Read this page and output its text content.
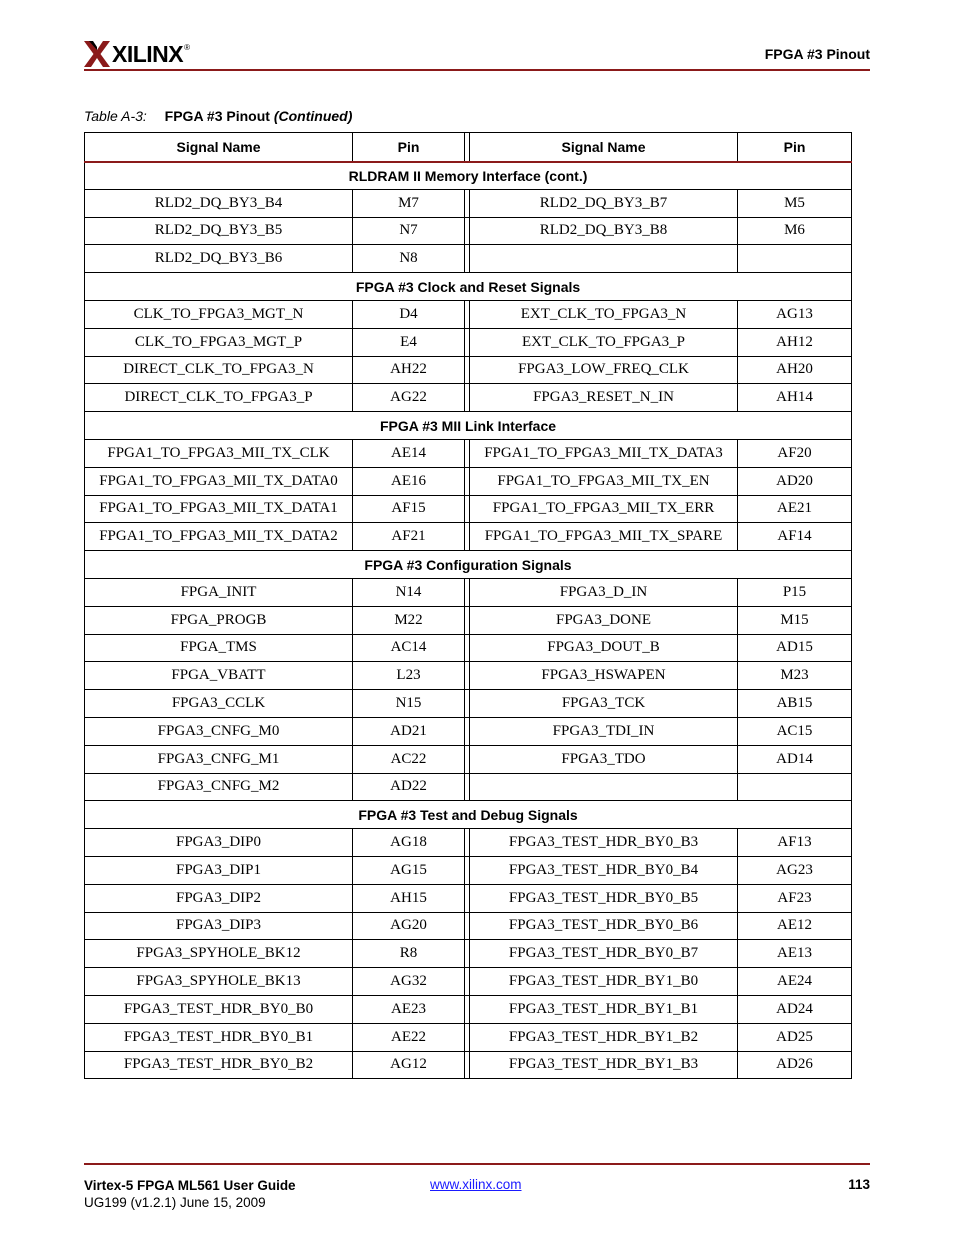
XILINX ®	FPGA #3 Pinout
Table A-3: FPGA #3 Pinout (Continued)
Signal Name	Pin		Signal Name	Pin
RLDRAM II Memory Interface (cont.)				
RLD2_DQ_BY3_B4	M7		RLD2_DQ_BY3_B7	M5
RLD2_DQ_BY3_B5	N7		RLD2_DQ_BY3_B8	M6
RLD2_DQ_BY3_B6	N8			
FPGA #3 Clock and Reset Signals				
CLK_TO_FPGA3_MGT_N	D4		EXT_CLK_TO_FPGA3_N	AG13
CLK_TO_FPGA3_MGT_P	E4		EXT_CLK_TO_FPGA3_P	AH12
DIRECT_CLK_TO_FPGA3_N	AH22		FPGA3_LOW_FREQ_CLK	AH20
DIRECT_CLK_TO_FPGA3_P	AG22		FPGA3_RESET_N_IN	AH14
FPGA #3 MII Link Interface				
FPGA1_TO_FPGA3_MII_TX_CLK	AE14		FPGA1_TO_FPGA3_MII_TX_DATA3	AF20
FPGA1_TO_FPGA3_MII_TX_DATA0	AE16		FPGA1_TO_FPGA3_MII_TX_EN	AD20
FPGA1_TO_FPGA3_MII_TX_DATA1	AF15		FPGA1_TO_FPGA3_MII_TX_ERR	AE21
FPGA1_TO_FPGA3_MII_TX_DATA2	AF21		FPGA1_TO_FPGA3_MII_TX_SPARE	AF14
FPGA #3 Configuration Signals				
FPGA_INIT	N14		FPGA3_D_IN	P15
FPGA_PROGB	M22		FPGA3_DONE	M15
FPGA_TMS	AC14		FPGA3_DOUT_B	AD15
FPGA_VBATT	L23		FPGA3_HSWAPEN	M23
FPGA3_CCLK	N15		FPGA3_TCK	AB15
FPGA3_CNFG_M0	AD21		FPGA3_TDI_IN	AC15
FPGA3_CNFG_M1	AC22		FPGA3_TDO	AD14
FPGA3_CNFG_M2	AD22			
FPGA #3 Test and Debug Signals				
FPGA3_DIP0	AG18		FPGA3_TEST_HDR_BY0_B3	AF13
FPGA3_DIP1	AG15		FPGA3_TEST_HDR_BY0_B4	AG23
FPGA3_DIP2	AH15		FPGA3_TEST_HDR_BY0_B5	AF23
FPGA3_DIP3	AG20		FPGA3_TEST_HDR_BY0_B6	AE12
FPGA3_SPYHOLE_BK12	R8		FPGA3_TEST_HDR_BY0_B7	AE13
FPGA3_SPYHOLE_BK13	AG32		FPGA3_TEST_HDR_BY1_B0	AE24
FPGA3_TEST_HDR_BY0_B0	AE23		FPGA3_TEST_HDR_BY1_B1	AD24
FPGA3_TEST_HDR_BY0_B1	AE22		FPGA3_TEST_HDR_BY1_B2	AD25
FPGA3_TEST_HDR_BY0_B2	AG12		FPGA3_TEST_HDR_BY1_B3	AD26
Virtex-5 FPGA ML561 User Guide
UG199 (v1.2.1) June 15, 2009
www.xilinx.com	113
